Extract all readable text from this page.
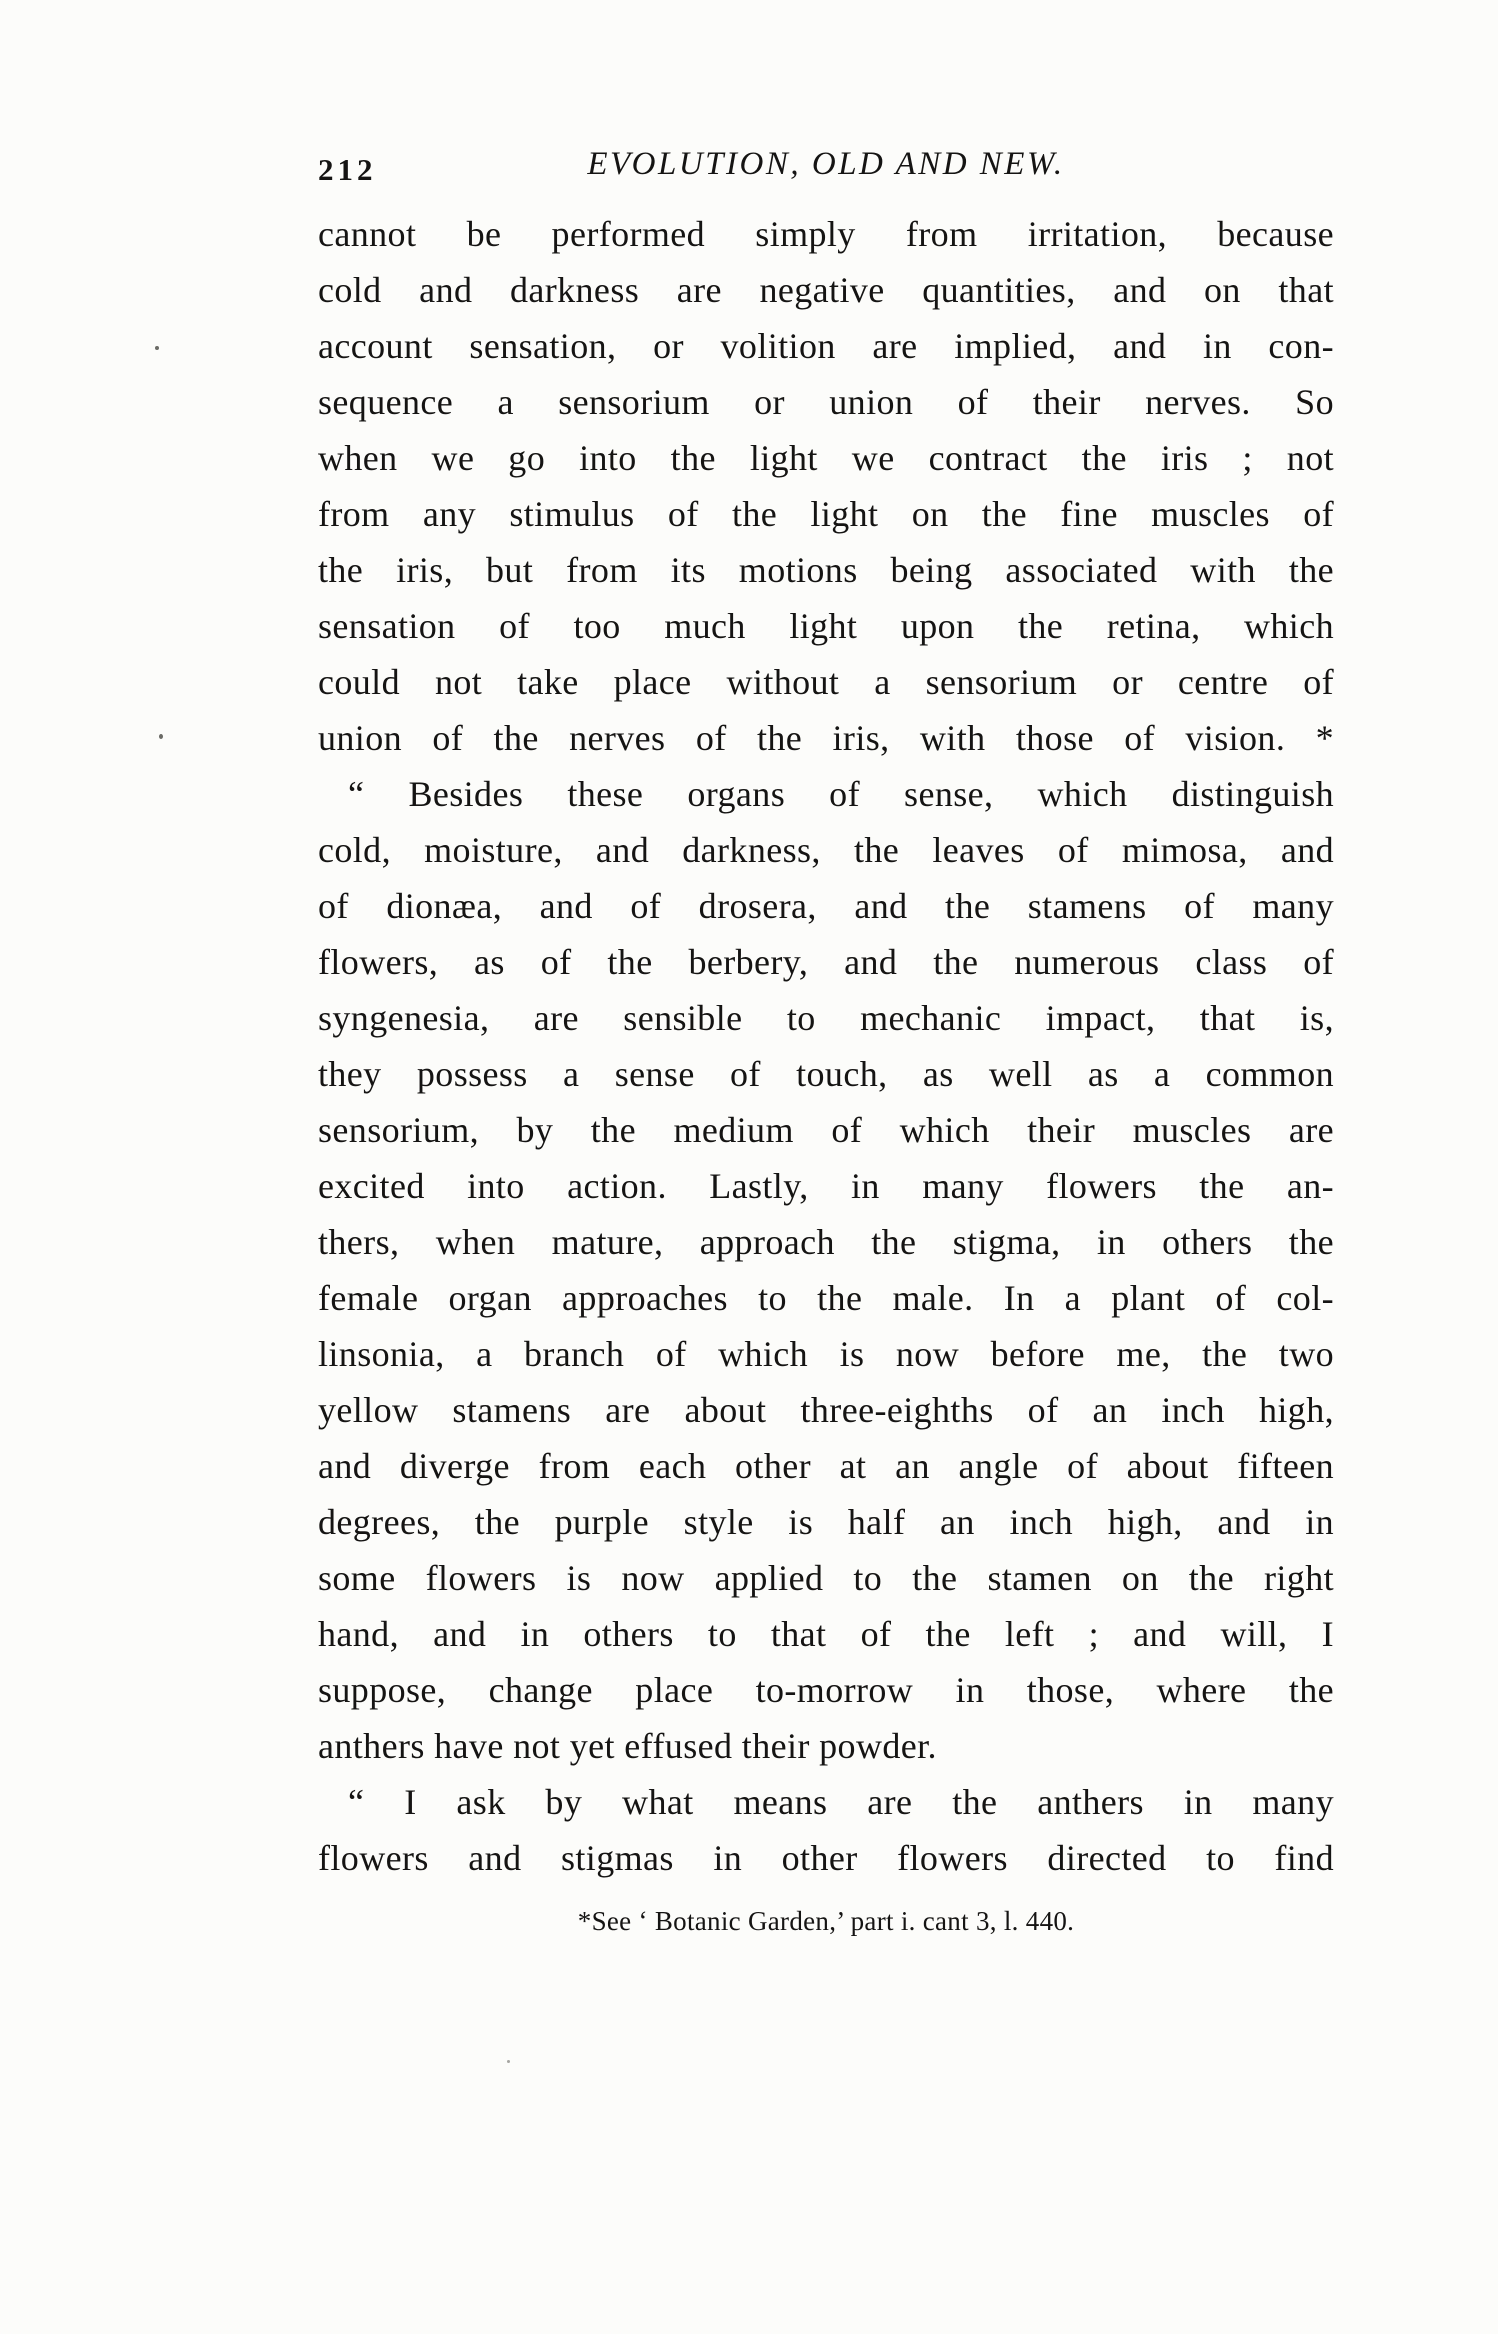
212	EVOLUTION, OLD AND NEW.
cannot be performed simply from irritation, because
cold and darkness are negative quantities, and on that
account sensation, or volition are implied, and in con-
sequence a sensorium or union of their nerves. So
when we go into the light we contract the iris ; not
from any stimulus of the light on the fine muscles of
the iris, but from its motions being associated with the
sensation of too much light upon the retina, which
could not take place without a sensorium or centre of
union of the nerves of the iris, with those of vision. *
“ Besides these organs of sense, which distinguish
cold, moisture, and darkness, the leaves of mimosa, and
of dionæa, and of drosera, and the stamens of many
flowers, as of the berbery, and the numerous class of
syngenesia, are sensible to mechanic impact, that is,
they possess a sense of touch, as well as a common
sensorium, by the medium of which their muscles are
excited into action. Lastly, in many flowers the an-
thers, when mature, approach the stigma, in others the
female organ approaches to the male. In a plant of col-
linsonia, a branch of which is now before me, the two
yellow stamens are about three-eighths of an inch high,
and diverge from each other at an angle of about fifteen
degrees, the purple style is half an inch high, and in
some flowers is now applied to the stamen on the right
hand, and in others to that of the left ; and will, I
suppose, change place to-morrow in those, where the
anthers have not yet effused their powder.
“ I ask by what means are the anthers in many
flowers and stigmas in other flowers directed to find
*See ‘ Botanic Garden,’ part i. cant 3, l. 440.
